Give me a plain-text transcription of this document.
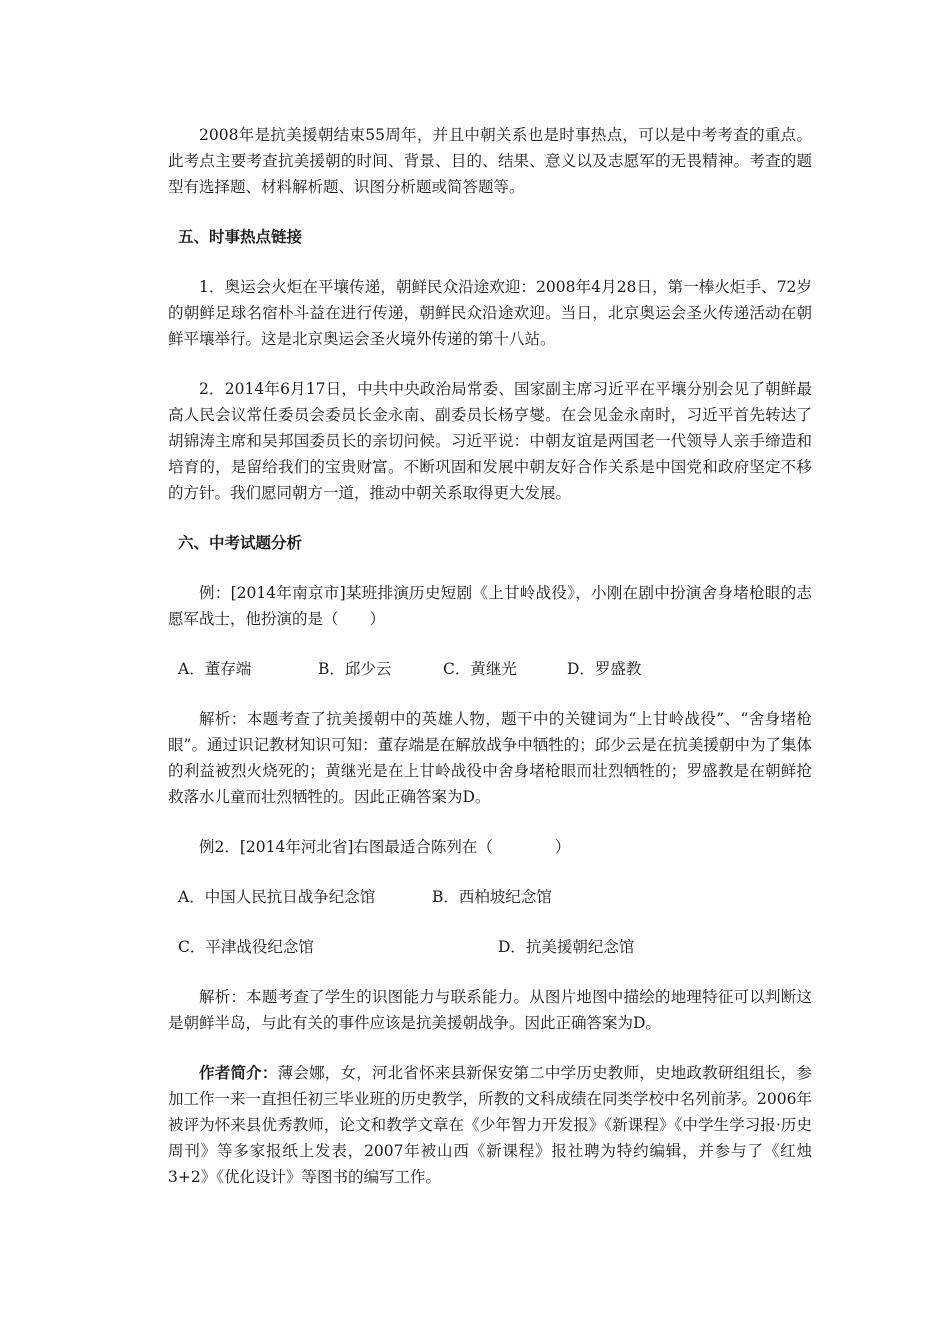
2008年是抗美援朝结束55周年，并且中朝关系也是时事热点，可以是中考考查的重点。此考点主要考查抗美援朝的时间、背景、目的、结果、意义以及志愿军的无畏精神。考查的题型有选择题、材料解析题、识图分析题或简答题等。

五、时事热点链接

1．奥运会火炬在平壤传递，朝鲜民众沿途欢迎：2008年4月28日，第一棒火炬手、72岁的朝鲜足球名宿朴斗益在进行传递，朝鲜民众沿途欢迎。当日，北京奥运会圣火传递活动在朝鲜平壤举行。这是北京奥运会圣火境外传递的第十八站。

2．2014年6月17日，中共中央政治局常委、国家副主席习近平在平壤分别会见了朝鲜最高人民会议常任委员会委员长金永南、副委员长杨亨燮。在会见金永南时，习近平首先转达了胡锦涛主席和吴邦国委员长的亲切问候。习近平说：中朝友谊是两国老一代领导人亲手缔造和培育的，是留给我们的宝贵财富。不断巩固和发展中朝友好合作关系是中国党和政府坚定不移的方针。我们愿同朝方一道，推动中朝关系取得更大发展。

六、中考试题分析

例：[2014年南京市]某班排演历史短剧《上甘岭战役》，小刚在剧中扮演舍身堵枪眼的志愿军战士，他扮演的是（　　）

A．董存端	B．邱少云	C．黄继光	D．罗盛教

解析：本题考查了抗美援朝中的英雄人物，题干中的关键词为“上甘岭战役”、“舍身堵枪眼”。通过识记教材知识可知：董存端是在解放战争中牺牲的；邱少云是在抗美援朝中为了集体的利益被烈火烧死的；黄继光是在上甘岭战役中舍身堵枪眼而壮烈牺牲的；罗盛教是在朝鲜抢救落水儿童而壮烈牺牲的。因此正确答案为D。

例2．[2014年河北省]右图最适合陈列在（　　　　）

A．中国人民抗日战争纪念馆	B．西柏坡纪念馆
C．平津战役纪念馆	D．抗美援朝纪念馆

解析：本题考查了学生的识图能力与联系能力。从图片地图中描绘的地理特征可以判断这是朝鲜半岛，与此有关的事件应该是抗美援朝战争。因此正确答案为D。

作者简介：薄会娜，女，河北省怀来县新保安第二中学历史教师，史地政教研组组长，参加工作一来一直担任初三毕业班的历史教学，所教的文科成绩在同类学校中名列前茅。2006年被评为怀来县优秀教师，论文和教学文章在《少年智力开发报》《新课程》《中学生学习报·历史周刊》等多家报纸上发表，2007年被山西《新课程》报社聘为特约编辑，并参与了《红烛3+2》《优化设计》等图书的编写工作。
